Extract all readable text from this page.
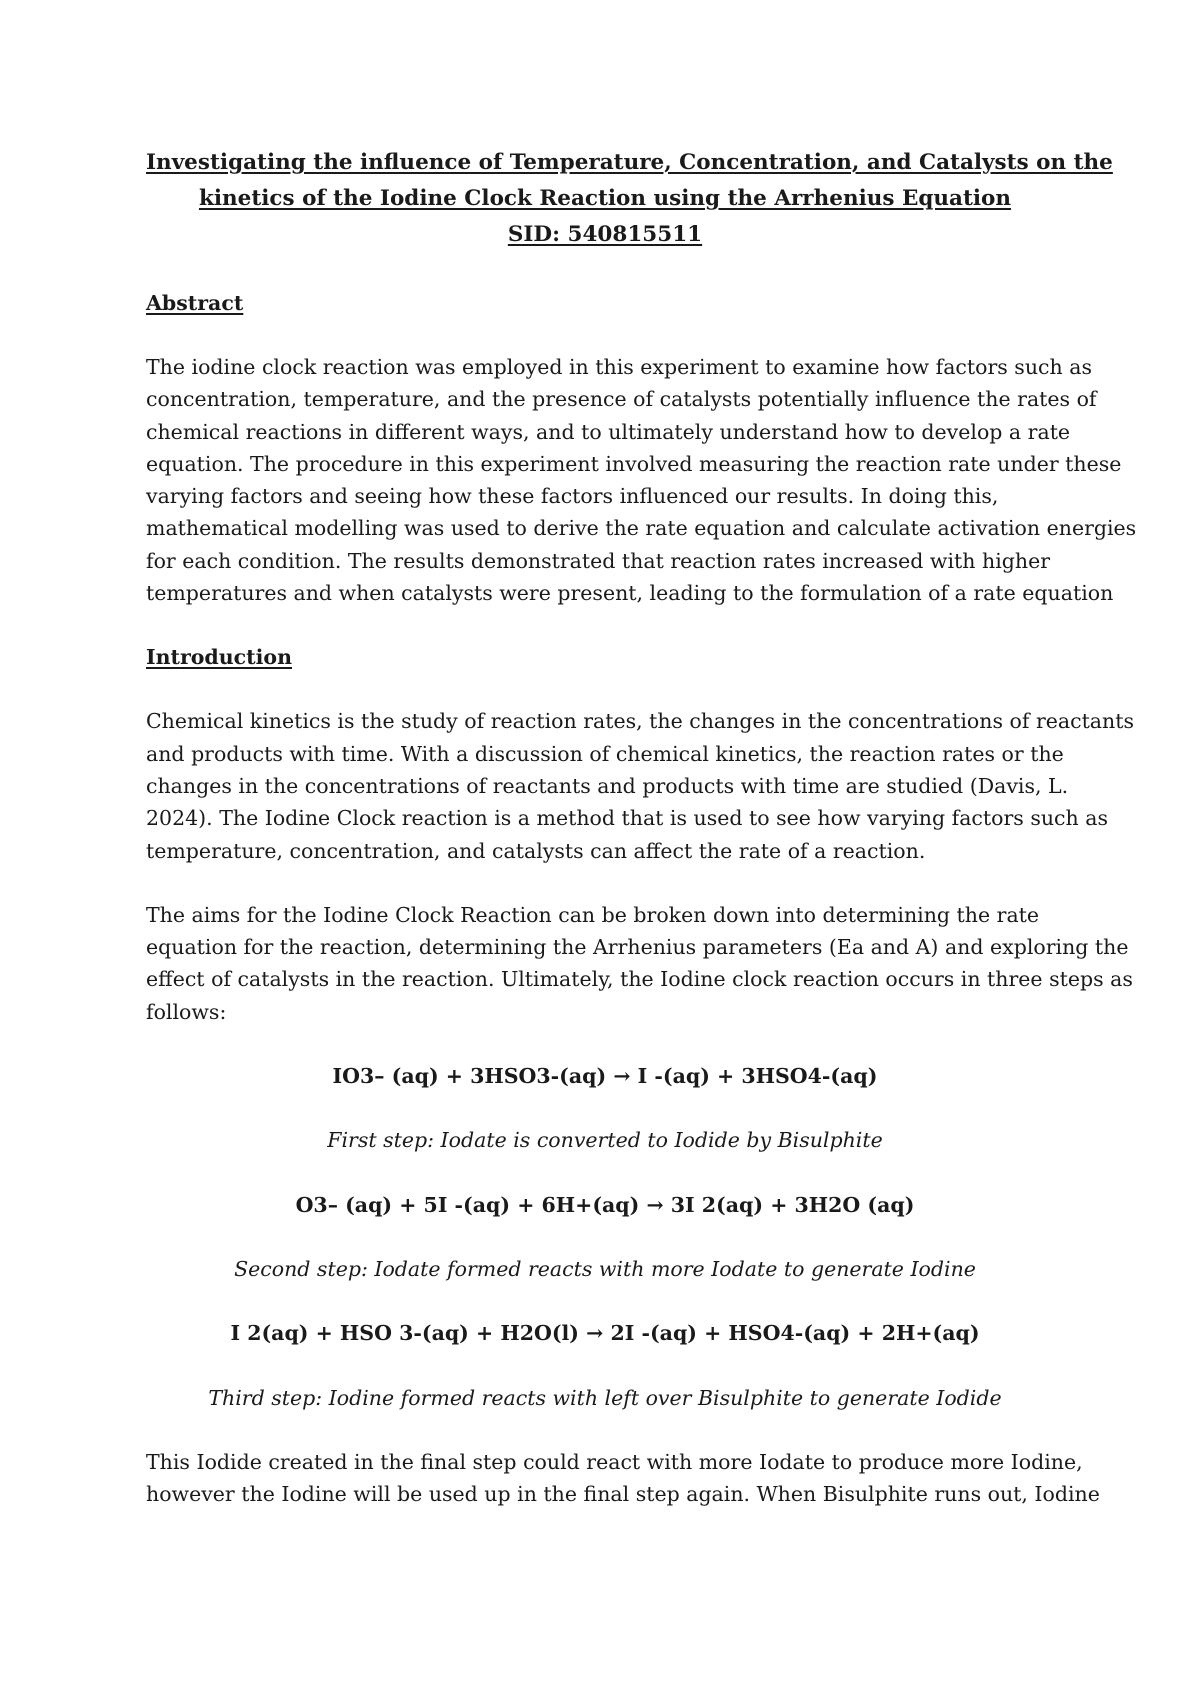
Investigating the influence of Temperature, Concentration, and Catalysts on the
kinetics of the Iodine Clock Reaction using the Arrhenius Equation
SID: 540815511
Abstract
The iodine clock reaction was employed in this experiment to examine how factors such as
concentration, temperature, and the presence of catalysts potentially influence the rates of
chemical reactions in different ways, and to ultimately understand how to develop a rate
equation. The procedure in this experiment involved measuring the reaction rate under these
varying factors and seeing how these factors influenced our results. In doing this,
mathematical modelling was used to derive the rate equation and calculate activation energies
for each condition. The results demonstrated that reaction rates increased with higher
temperatures and when catalysts were present, leading to the formulation of a rate equation
Introduction
Chemical kinetics is the study of reaction rates, the changes in the concentrations of reactants
and products with time. With a discussion of chemical kinetics, the reaction rates or the
changes in the concentrations of reactants and products with time are studied (Davis, L.
2024). The Iodine Clock reaction is a method that is used to see how varying factors such as
temperature, concentration, and catalysts can affect the rate of a reaction.
The aims for the Iodine Clock Reaction can be broken down into determining the rate
equation for the reaction, determining the Arrhenius parameters (Ea and A) and exploring the
effect of catalysts in the reaction. Ultimately, the Iodine clock reaction occurs in three steps as
follows:
IO3– (aq) + 3HSO3-(aq) → I -(aq) + 3HSO4-(aq)
First step: Iodate is converted to Iodide by Bisulphite
O3– (aq) + 5I -(aq) + 6H+(aq) → 3I 2(aq) + 3H2O (aq)
Second step: Iodate formed reacts with more Iodate to generate Iodine
I 2(aq) + HSO 3-(aq) + H2O(l) → 2I -(aq) + HSO4-(aq) + 2H+(aq)
Third step: Iodine formed reacts with left over Bisulphite to generate Iodide
This Iodide created in the final step could react with more Iodate to produce more Iodine,
however the Iodine will be used up in the final step again. When Bisulphite runs out, Iodine
